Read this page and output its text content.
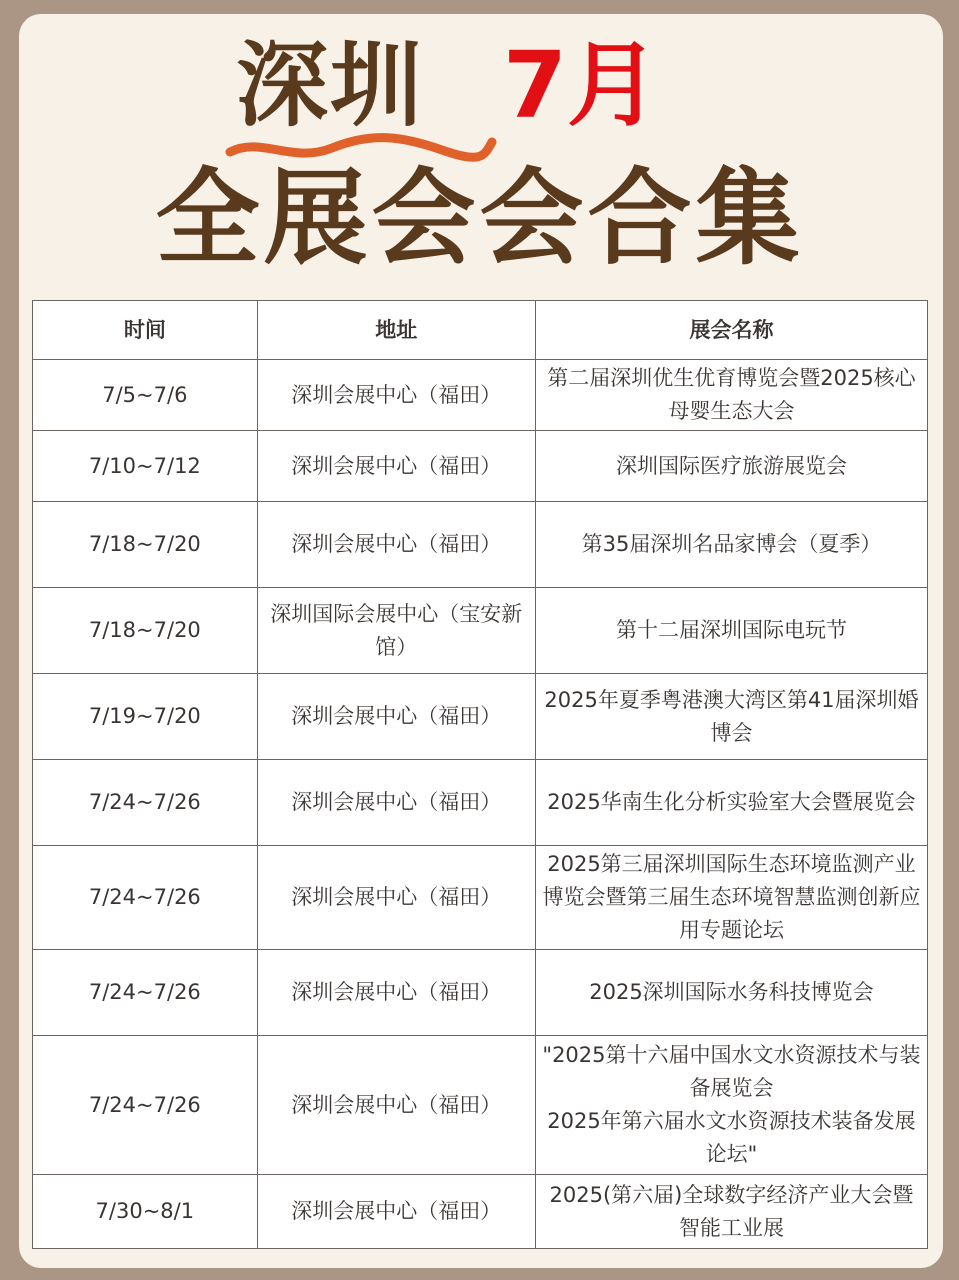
深圳 7月
全展会会合集
时间	地址	展会名称
7/5~7/6	深圳会展中心（福田）	第二届深圳优生优育博览会暨2025核心母婴生态大会
7/10~7/12	深圳会展中心（福田）	深圳国际医疗旅游展览会
7/18~7/20	深圳会展中心（福田）	第35届深圳名品家博会（夏季）
7/18~7/20	深圳国际会展中心（宝安新馆）	第十二届深圳国际电玩节
7/19~7/20	深圳会展中心（福田）	2025年夏季粤港澳大湾区第41届深圳婚博会
7/24~7/26	深圳会展中心（福田）	2025华南生化分析实验室大会暨展览会
7/24~7/26	深圳会展中心（福田）	2025第三届深圳国际生态环境监测产业博览会暨第三届生态环境智慧监测创新应用专题论坛
7/24~7/26	深圳会展中心（福田）	2025深圳国际水务科技博览会
7/24~7/26	深圳会展中心（福田）	"2025第十六届中国水文水资源技术与装备展览会
2025年第六届水文水资源技术装备发展论坛"
7/30~8/1	深圳会展中心（福田）	2025(第六届)全球数字经济产业大会暨智能工业展
